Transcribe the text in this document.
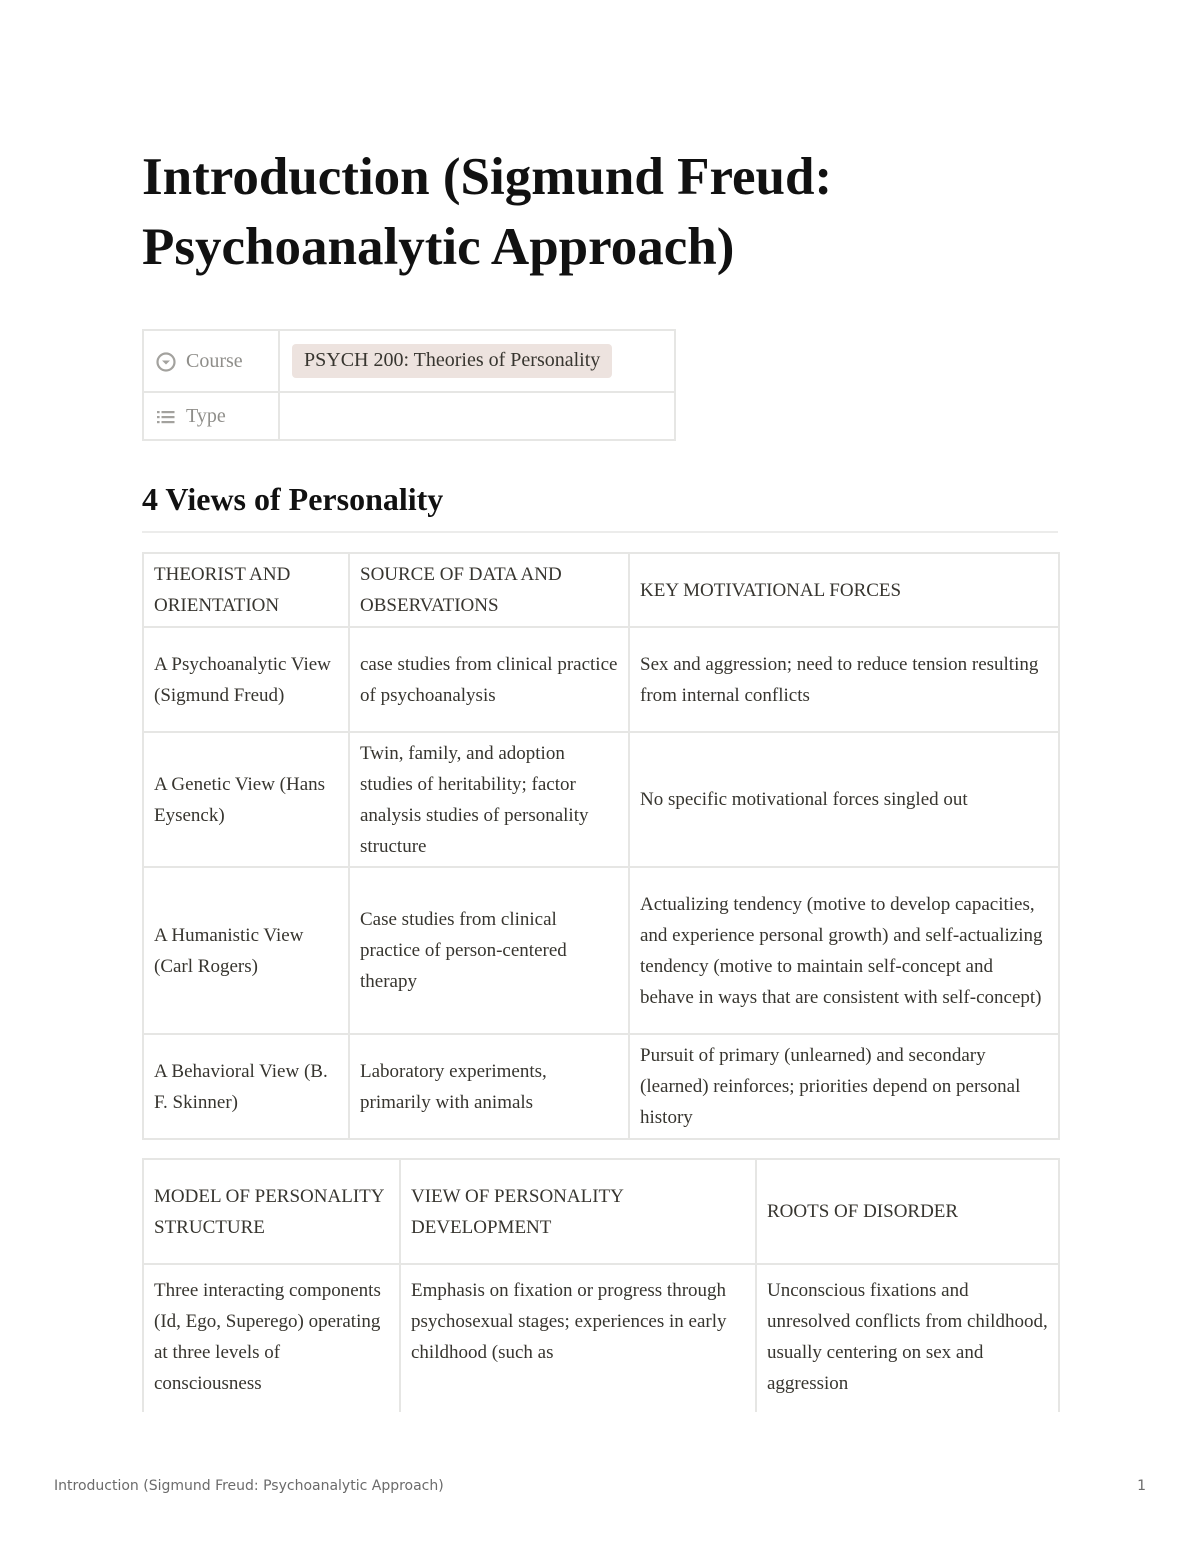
Introduction (Sigmund Freud: Psychoanalytic Approach)
Course	PSYCH 200: Theories of Personality
Type	
4 Views of Personality
THEORIST AND ORIENTATION	SOURCE OF DATA AND OBSERVATIONS	KEY MOTIVATIONAL FORCES
A Psychoanalytic View (Sigmund Freud)	case studies from clinical practice of psychoanalysis	Sex and aggression; need to reduce tension resulting from internal conflicts
A Genetic View (Hans Eysenck)	Twin, family, and adoption studies of heritability; factor analysis studies of personality structure	No specific motivational forces singled out
A Humanistic View (Carl Rogers)	Case studies from clinical practice of person-centered therapy	Actualizing tendency (motive to develop capacities, and experience personal growth) and self-actualizing tendency (motive to maintain self-concept and behave in ways that are consistent with self-concept)
A Behavioral View (B. F. Skinner)	Laboratory experiments, primarily with animals	Pursuit of primary (unlearned) and secondary (learned) reinforces; priorities depend on personal history
MODEL OF PERSONALITY STRUCTURE	VIEW OF PERSONALITY DEVELOPMENT	ROOTS OF DISORDER
Three interacting components (Id, Ego, Superego) operating at three levels of consciousness	Emphasis on fixation or progress through psychosexual stages; experiences in early childhood (such as	Unconscious fixations and unresolved conflicts from childhood, usually centering on sex and aggression
Introduction (Sigmund Freud: Psychoanalytic Approach)	1
